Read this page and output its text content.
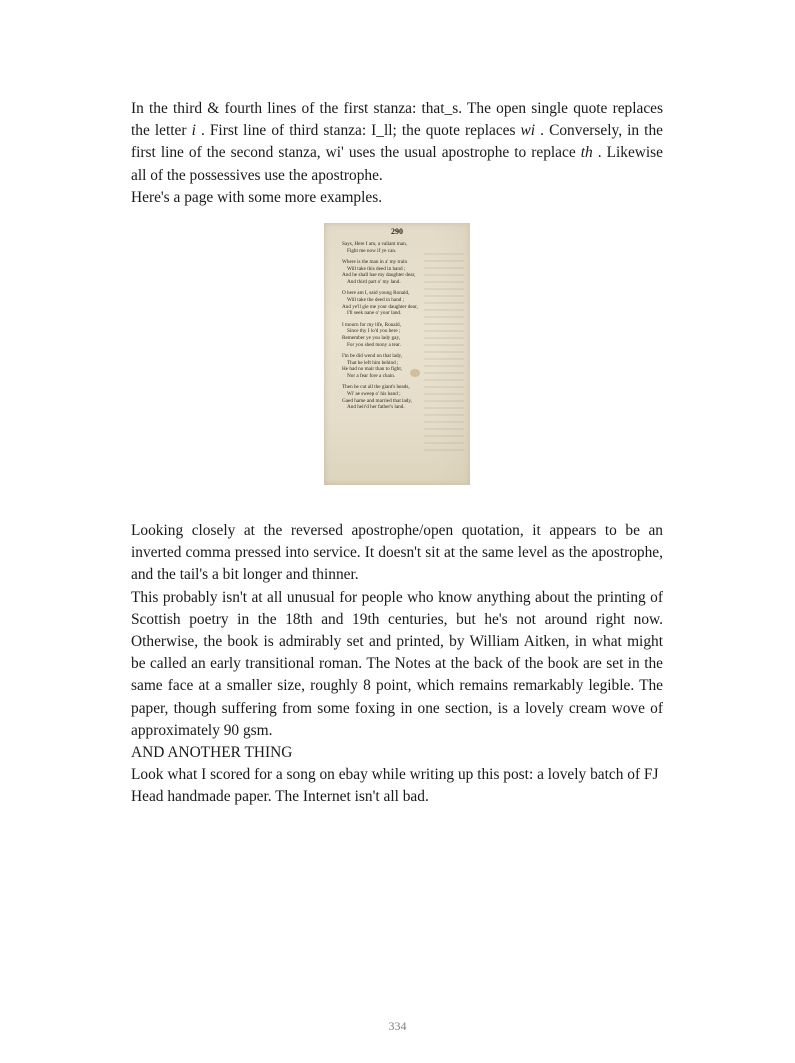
In the third & fourth lines of the first stanza: that_s. The open single quote replaces the letter i . First line of third stanza: I_ll; the quote replaces wi . Conversely, in the first line of the second stanza, wi' uses the usual apostrophe to replace th . Likewise all of the possessives use the apostrophe.

Here's a page with some more examples.

290
Says, Here I am, a valiant man,
Fight me now if ye can.
Where is the man in a' my train
Will take this deed in hand ;
And he shall hae my daughter dear,
And third part o' my land.
O here am I, said young Ronald,
Will take the deed in hand ;
And ye'll gie me your daughter dear,
I'll seek nane o' your land.
I mourn for my life, Ronald,
Since thy I lo'd you here ;
Remember ye you lady gay,
For you shed mony a tear.
I'm be did wend on that lady,
That he left him behind ;
He had no mair than to fight,
Nor a fear fore a chain.
Then he cut all the giant's heads,
Wi' ae sweep o' his hand ;
Gaed hame and married that lady,
And heir'd her father's land.

Looking closely at the reversed apostrophe/open quotation, it appears to be an inverted comma pressed into service. It doesn't sit at the same level as the apostrophe, and the tail's a bit longer and thinner.

This probably isn't at all unusual for people who know anything about the printing of Scottish poetry in the 18th and 19th centuries, but he's not around right now. Otherwise, the book is admirably set and printed, by William Aitken, in what might be called an early transitional roman. The Notes at the back of the book are set in the same face at a smaller size, roughly 8 point, which remains remarkably legible. The paper, though suffering from some foxing in one section, is a lovely cream wove of approximately 90 gsm.

AND ANOTHER THING

Look what I scored for a song on ebay while writing up this post: a lovely batch of FJ Head handmade paper. The Internet isn't all bad.

334
